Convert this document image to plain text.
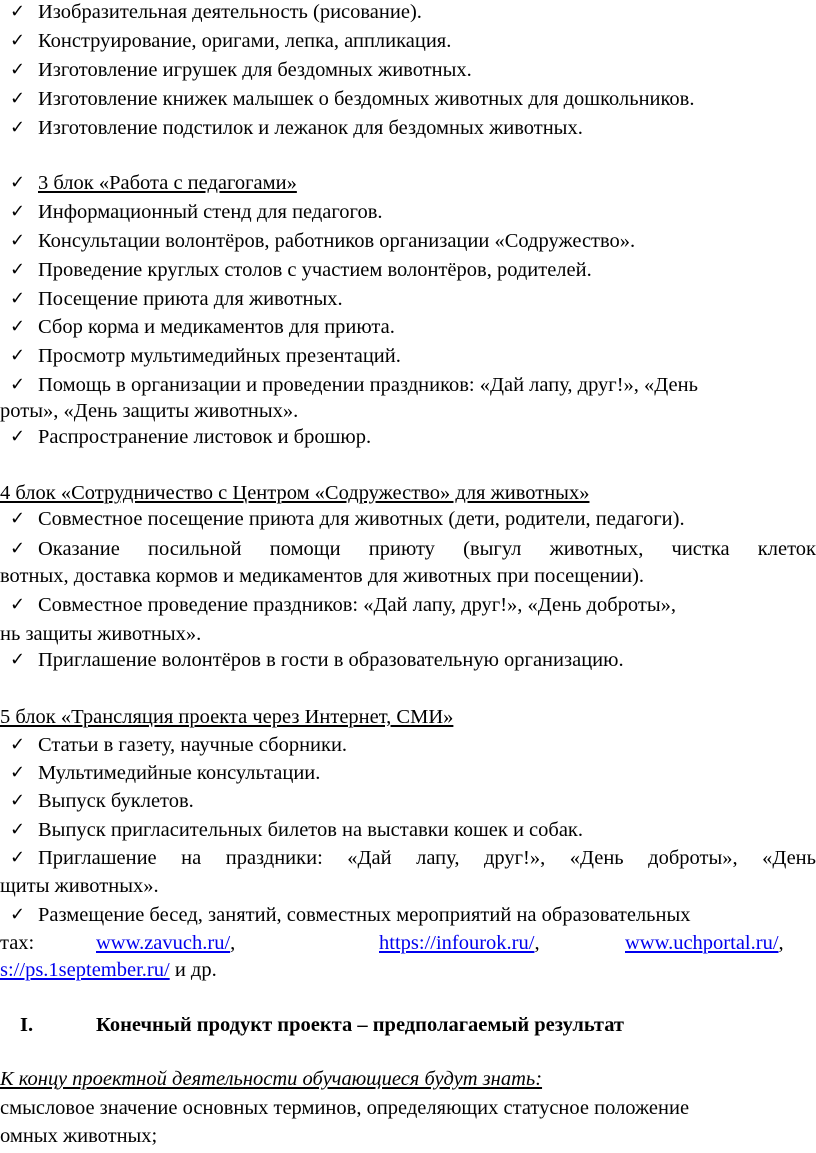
✓ Изобразительная деятельность (рисование).
✓ Конструирование, оригами, лепка, аппликация.
✓ Изготовление игрушек для бездомных животных.
✓ Изготовление книжек малышек о бездомных животных для дошкольников.
✓ Изготовление подстилок и лежанок для бездомных животных.
✓ 3 блок «Работа с педагогами»
✓ Информационный стенд для педагогов.
✓ Консультации волонтёров, работников организации «Содружество».
✓ Проведение круглых столов с участием волонтёров, родителей.
✓ Посещение приюта для животных.
✓ Сбор корма и медикаментов для приюта.
✓ Просмотр мультимедийных презентаций.
✓ Помощь в организации и проведении праздников: «Дай лапу, друг!», «День
роты», «День защиты животных».
✓ Распространение листовок и брошюр.
4 блок «Сотрудничество с Центром «Содружество» для животных»
✓ Совместное посещение приюта для животных (дети, родители, педагоги).
✓ Оказание посильной помощи приюту (выгул животных, чистка клеток
вотных, доставка кормов и медикаментов для животных при посещении).
✓ Совместное проведение праздников: «Дай лапу, друг!», «День доброты»,
нь защиты животных».
✓ Приглашение волонтёров в гости в образовательную организацию.
5 блок «Трансляция проекта через Интернет, СМИ»
✓ Статьи в газету, научные сборники.
✓ Мультимедийные консультации.
✓ Выпуск буклетов.
✓ Выпуск пригласительных билетов на выставки кошек и собак.
✓ Приглашение на праздники: «Дай лапу, друг!», «День доброты», «День
щиты животных».
✓ Размещение бесед, занятий, совместных мероприятий на образовательных
тах:	www.zavuch.ru/,	https://infourok.ru/,	www.uchportal.ru/,
s://ps.1september.ru/ и др.
I.	Конечный продукт проекта – предполагаемый результат
К концу проектной деятельности обучающиеся будут знать:
смысловое значение основных терминов, определяющих статусное положение
омных животных;
